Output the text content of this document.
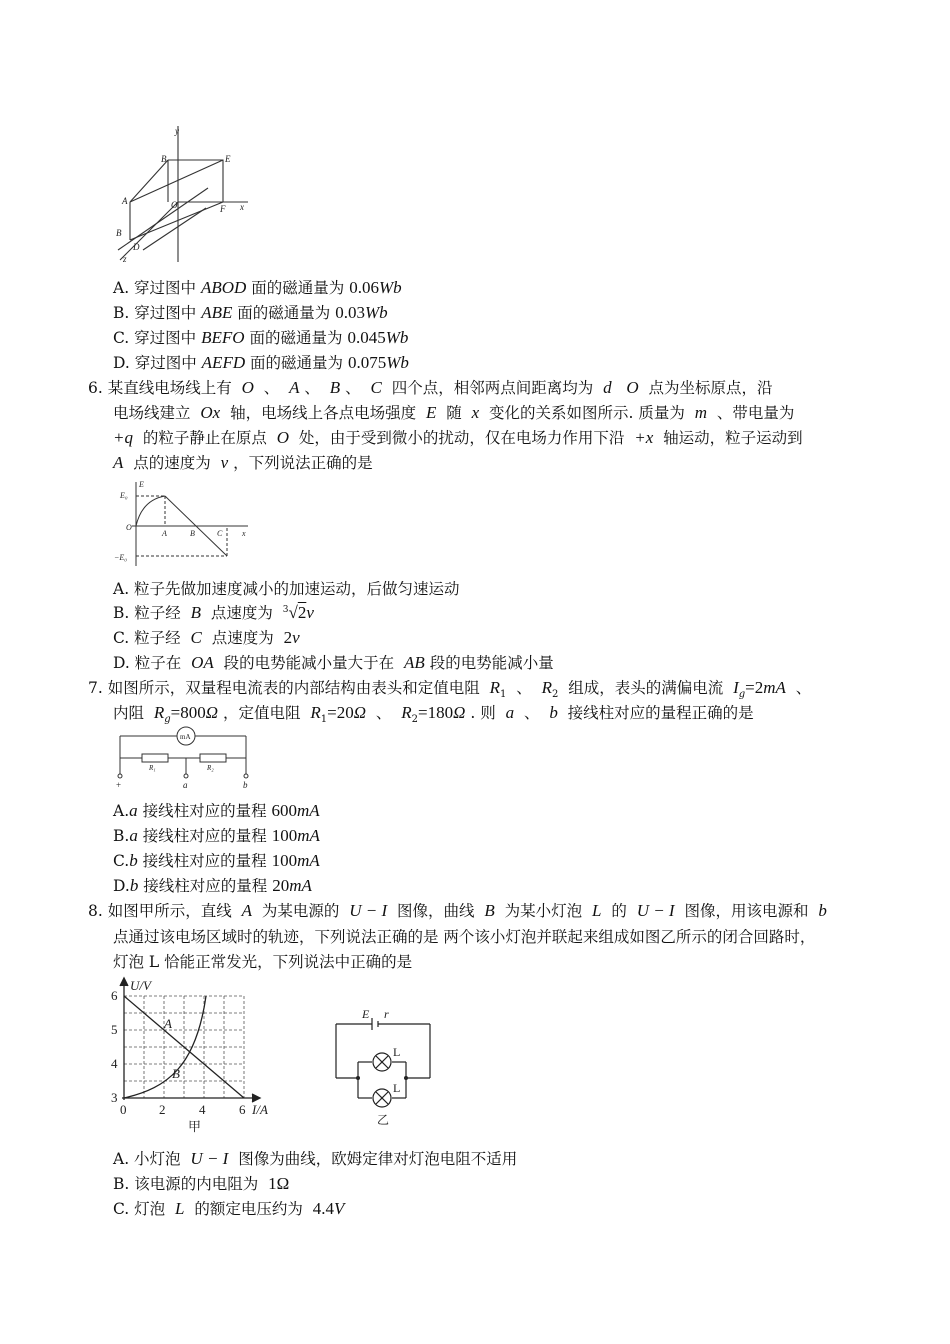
y
B	E
A	O	F x
B
D
z
A. 穿过图中 ABOD 面的磁通量为 0.06Wb
B. 穿过图中 ABE 面的磁通量为 0.03Wb
C. 穿过图中 BEFO 面的磁通量为 0.045Wb
D. 穿过图中 AEFD 面的磁通量为 0.075Wb
6. 某直线电场线上有 O 、 A 、 B 、 C 四个点，相邻两点间距离均为 d O 点为坐标原点，沿
电场线建立 Ox 轴，电场线上各点电场强度 E 随 x 变化的关系如图所示. 质量为 m 、带电量为
+q 的粒子静止在原点 O 处，由于受到微小的扰动，仅在电场力作用下沿 +x 轴运动，粒子运动到
A 点的速度为 v ，下列说法正确的是
E
E₀
O
A	B	C x
−E₀
A. 粒子先做加速度减小的加速运动，后做匀速运动
B. 粒子经 B 点速度为 $^3$√2v
C. 粒子经 C 点速度为 2v
D. 粒子在 OA 段的电势能减小量大于在 AB 段的电势能减小量
7. 如图所示，双量程电流表的内部结构由表头和定值电阻 $R_1$ 、 $R_2$ 组成，表头的满偏电流 $I_g=2mA$ 、
内阻 $R_g=800\Omega$ ，定值电阻 $R_1=20\Omega$ 、 $R_2=180\Omega$ . 则 a 、 b 接线柱对应的量程正确的是
mA
R₁	R₂
+	a	b
A.a 接线柱对应的量程 600mA
B.a 接线柱对应的量程 100mA
C.b 接线柱对应的量程 100mA
D.b 接线柱对应的量程 20mA
8. 如图甲所示，直线 A 为某电源的 U − I 图像，曲线 B 为某小灯泡 L 的 U − I 图像，用该电源和 b
点通过该电场区域时的轨迹，下列说法正确的是 两个该小灯泡并联起来组成如图乙所示的闭合回路时，
灯泡 L 恰能正常发光，下列说法中正确的是
U/V
6
5
4
3
0	2	4	6 I/A
A
B
甲
E r
L
L
乙
A. 小灯泡 U − I 图像为曲线，欧姆定律对灯泡电阻不适用
B. 该电源的内电阻为 1Ω
C. 灯泡 L 的额定电压约为 4.4V
